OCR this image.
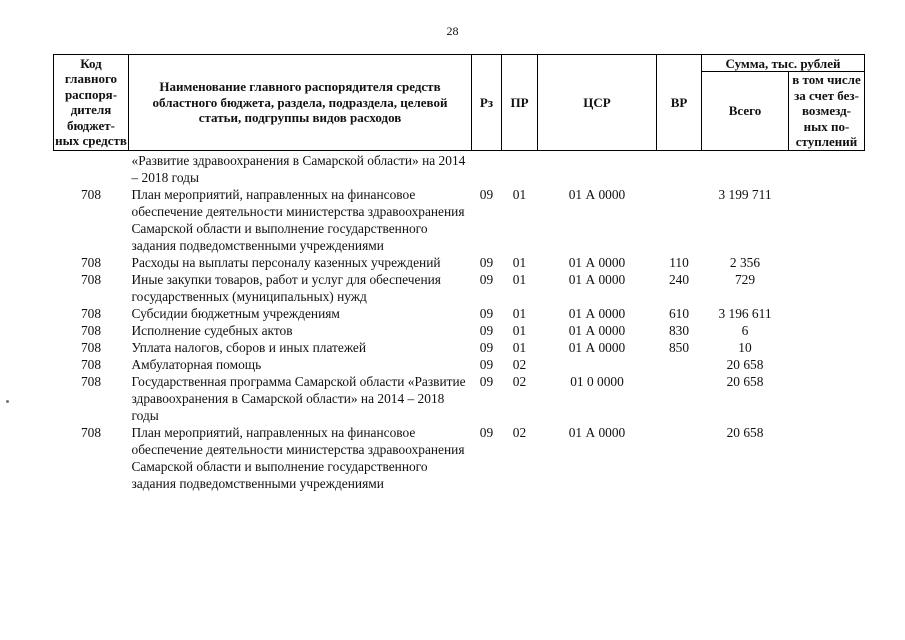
28
Код главного распоря-дителя бюджет-ных средств	Наименование главного распорядителя средств областного бюджета, раздела, подраздела, целевой статьи, подгруппы видов расходов	Рз	ПР	ЦСР	ВР	Сумма, тыс. рублей	
						Всего	в том числе за счет без-возмезд-ных по-ступлений
	«Развитие здравоохранения в Самарской области» на 2014 – 2018 годы						
708	План мероприятий, направленных на финансовое обеспечение деятельности министерства здравоохранения Самарской области и выполнение государственного задания подведомственными учреждениями	09	01	01 А 0000		3 199 711	
708	Расходы на выплаты персоналу казенных учреждений	09	01	01 А 0000	110	2 356	
708	Иные закупки товаров, работ и услуг для обеспечения государственных (муниципальных) нужд	09	01	01 А 0000	240	729	
708	Субсидии бюджетным учреждениям	09	01	01 А 0000	610	3 196 611	
708	Исполнение судебных актов	09	01	01 А 0000	830	6	
708	Уплата налогов, сборов и иных платежей	09	01	01 А 0000	850	10	
708	Амбулаторная помощь	09	02			20 658	
708	Государственная программа Самарской области «Развитие здравоохранения в Самарской области» на 2014 – 2018 годы	09	02	01 0 0000		20 658	
708	План мероприятий, направленных на финансовое обеспечение деятельности министерства здравоохранения Самарской области и выполнение государственного задания подведомственными учреждениями	09	02	01 А 0000		20 658	
